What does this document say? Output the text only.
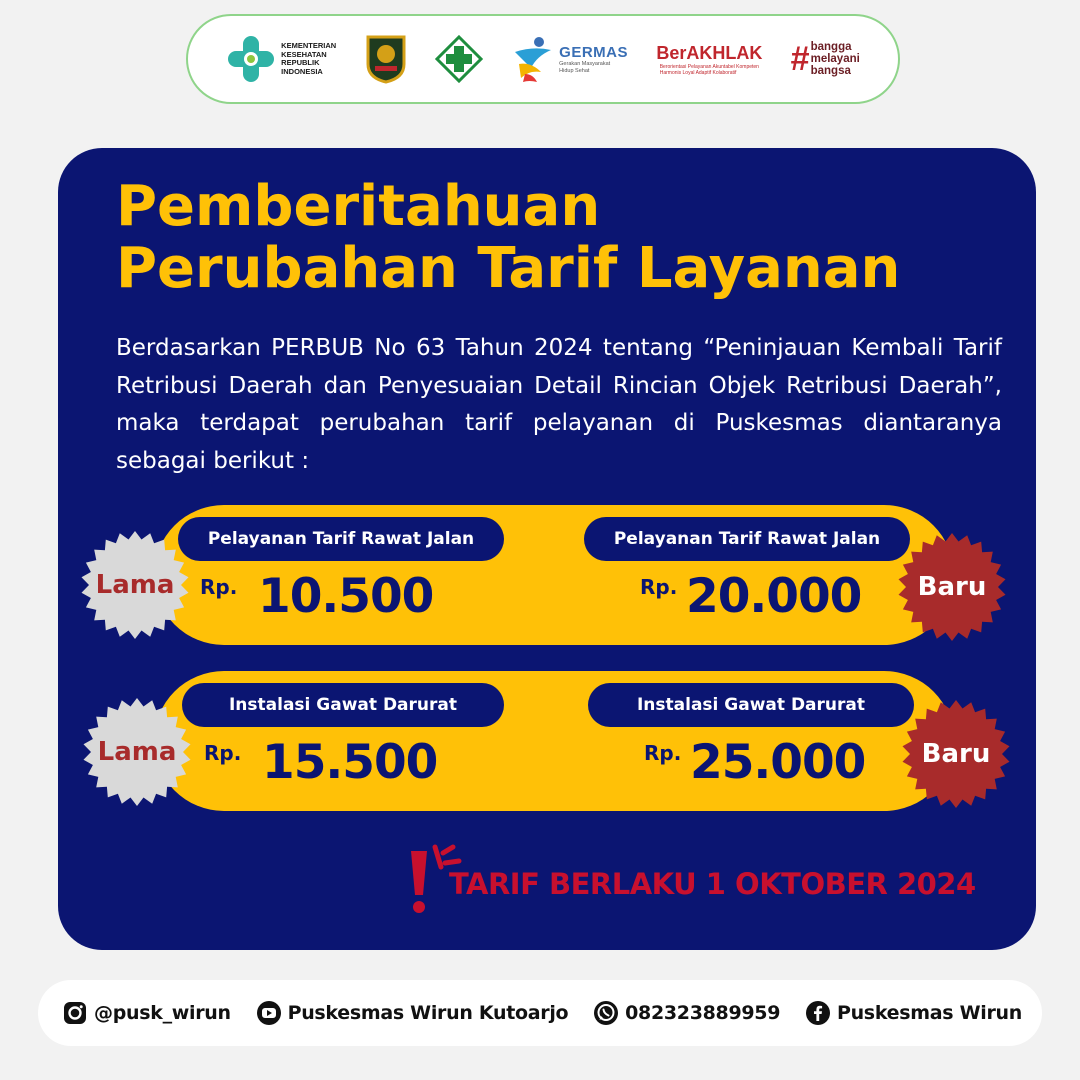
KEMENTERIAN
KESEHATAN
REPUBLIK
INDONESIA
GERMAS
Gerakan Masyarakat
Hidup Sehat
BerAKHLAK
Berorientasi Pelayanan Akuntabel Kompeten
Harmonis Loyal Adaptif Kolaboratif	# bangga
melayani
bangsa
Pemberitahuan
Perubahan Tarif Layanan

Berdasarkan PERBUB No 63 Tahun 2024 tentang “Peninjauan Kembali Tarif Retribusi Daerah dan Penyesuaian Detail Rincian Objek Retribusi Daerah”, maka terdapat perubahan tarif pelayanan di Puskesmas diantaranya sebagai berikut :

Pelayanan Tarif Rawat Jalan	Pelayanan Tarif Rawat Jalan
Rp. 10.500	Rp. 20.000
Instalasi Gawat Darurat	Instalasi Gawat Darurat
Rp. 15.500	Rp. 25.000
Lama	Baru
Lama	Baru
TARIF BERLAKU 1 OKTOBER 2024
@pusk_wirun	Puskesmas Wirun Kutoarjo	082323889959	Puskesmas Wirun
